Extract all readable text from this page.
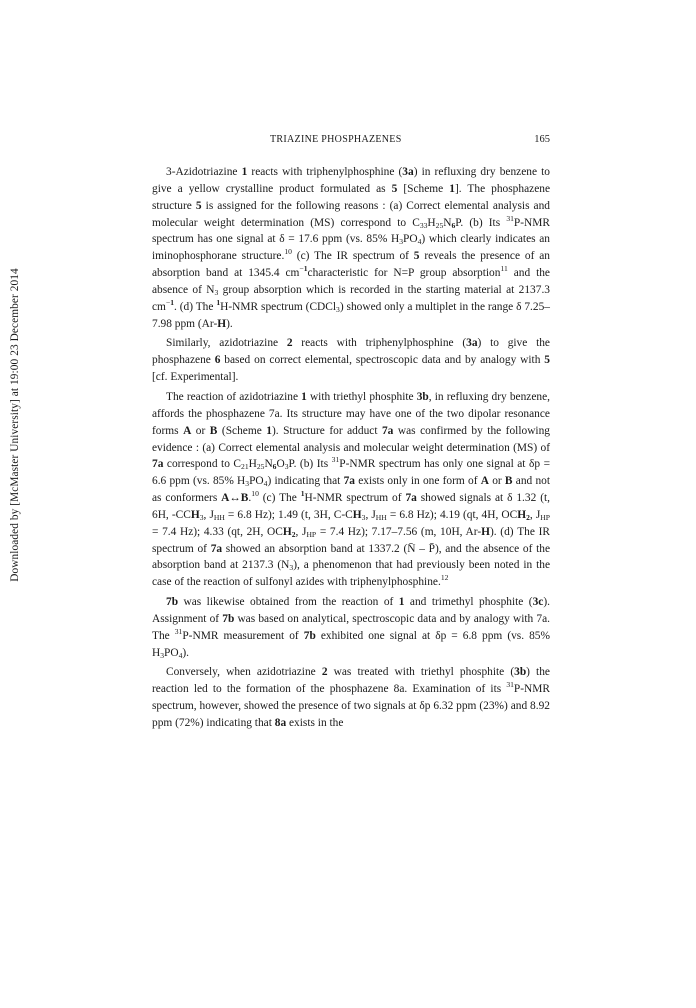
Downloaded by [McMaster University] at 19:00 23 December 2014
TRIAZINE PHOSPHAZENES	165

3-Azidotriazine 1 reacts with triphenylphosphine (3a) in refluxing dry benzene to give a yellow crystalline product formulated as 5 [Scheme 1]. The phosphazene structure 5 is assigned for the following reasons : (a) Correct elemental analysis and molecular weight determination (MS) correspond to $C_{33}H_{25}N_6P$. (b) Its $^{31}$P-NMR spectrum has one signal at δ = 17.6 ppm (vs. 85% $H_3PO_4$) which clearly indicates an iminophosphorane structure.$^{10}$ (c) The IR spectrum of 5 reveals the presence of an absorption band at 1345.4 $cm^{-1}characteristic$ for N=P group absorption$^{11}$ and the absence of $N_3$ group absorption which is recorded in the starting material at 2137.3 $cm^{-1}$. (d) The $^1$H-NMR spectrum (CDCl$_3$) showed only a multiplet in the range δ 7.25–7.98 ppm (Ar-H).

Similarly, azidotriazine 2 reacts with triphenylphosphine (3a) to give the phosphazene 6 based on correct elemental, spectroscopic data and by analogy with 5 [cf. Experimental].

The reaction of azidotriazine 1 with triethyl phosphite 3b, in refluxing dry benzene, affords the phosphazene 7a. Its structure may have one of the two dipolar resonance forms A or B (Scheme 1). Structure for adduct 7a was confirmed by the following evidence : (a) Correct elemental analysis and molecular weight determination (MS) of 7a correspond to $C_{21}H_{25}N_6O_3P$. (b) Its $^{31}$P-NMR spectrum has only one signal at δp = 6.6 ppm (vs. 85% $H_3PO_4$) indicating that 7a exists only in one form of A or B and not as conformers A↔B.$^{10}$ (c) The $^1$H-NMR spectrum of 7a showed signals at δ 1.32 (t, 6H, $-CCH_3$, $J_{HH} = 6.8$ Hz); 1.49 (t, 3H, $C-CH_3$, $J_{HH} = 6.8$ Hz); 4.19 (qt, 4H, $OCH_2$, $J_{HP} = 7.4$ Hz); 4.33 (qt, 2H, $OCH_2$, $J_{HP} = 7.4$ Hz); 7.17–7.56 (m, 10H, Ar-H). (d) The IR spectrum of 7a showed an absorption band at 1337.2 (N̄ – P̄), and the absence of the absorption band at 2137.3 $(N_3)$, a phenomenon that had previously been noted in the case of the reaction of sulfonyl azides with triphenylphosphine.$^{12}$

7b was likewise obtained from the reaction of 1 and trimethyl phosphite (3c). Assignment of 7b was based on analytical, spectroscopic data and by analogy with 7a. The $^{31}$P-NMR measurement of 7b exhibited one signal at δp = 6.8 ppm (vs. 85% $H_3PO_4$).

Conversely, when azidotriazine 2 was treated with triethyl phosphite (3b) the reaction led to the formation of the phosphazene 8a. Examination of its $^{31}$P-NMR spectrum, however, showed the presence of two signals at δp 6.32 ppm (23%) and 8.92 ppm (72%) indicating that 8a exists in the
